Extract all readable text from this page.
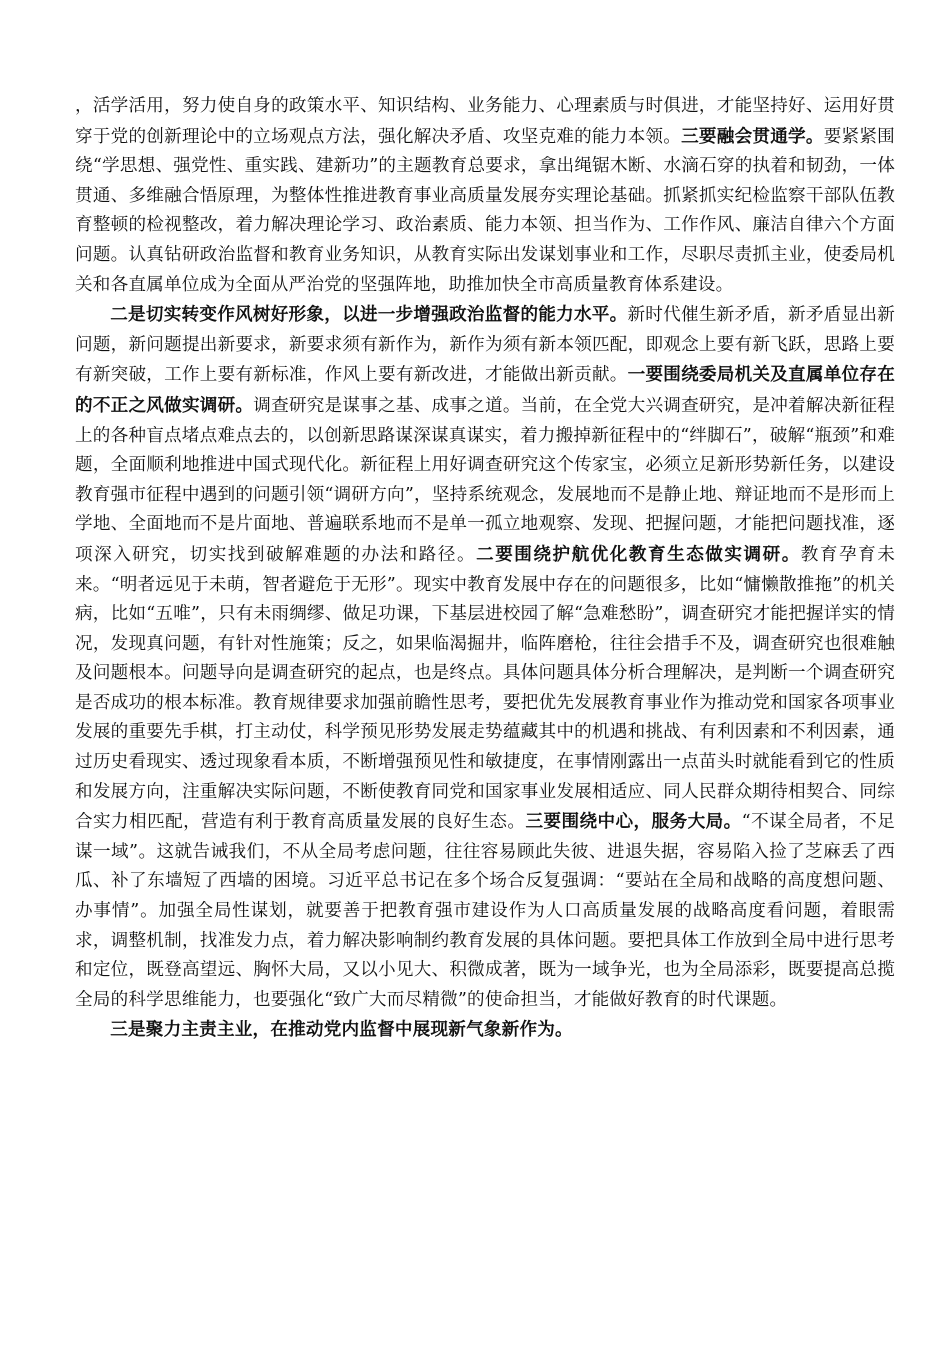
，活学活用，努力使自身的政策水平、知识结构、业务能力、心理素质与时俱进，才能坚持好、运用好贯穿于党的创新理论中的立场观点方法，强化解决矛盾、攻坚克难的能力本领。三要融会贯通学。要紧紧围绕“学思想、强党性、重实践、建新功”的主题教育总要求，拿出绳锯木断、水滴石穿的执着和韧劲，一体贯通、多维融合悟原理，为整体性推进教育事业高质量发展夯实理论基础。抓紧抓实纪检监察干部队伍教育整顿的检视整改，着力解决理论学习、政治素质、能力本领、担当作为、工作作风、廉洁自律六个方面问题。认真钻研政治监督和教育业务知识，从教育实际出发谋划事业和工作，尽职尽责抓主业，使委局机关和各直属单位成为全面从严治党的坚强阵地，助推加快全市高质量教育体系建设。

二是切实转变作风树好形象，以进一步增强政治监督的能力水平。新时代催生新矛盾，新矛盾显出新问题，新问题提出新要求，新要求须有新作为，新作为须有新本领匹配，即观念上要有新飞跃，思路上要有新突破，工作上要有新标准，作风上要有新改进，才能做出新贡献。一要围绕委局机关及直属单位存在的不正之风做实调研。调查研究是谋事之基、成事之道。当前，在全党大兴调查研究，是冲着解决新征程上的各种盲点堵点难点去的，以创新思路谋深谋真谋实，着力搬掉新征程中的“绊脚石”，破解“瓶颈”和难题，全面顺利地推进中国式现代化。新征程上用好调查研究这个传家宝，必须立足新形势新任务，以建设教育强市征程中遇到的问题引领“调研方向”，坚持系统观念，发展地而不是静止地、辩证地而不是形而上学地、全面地而不是片面地、普遍联系地而不是单一孤立地观察、发现、把握问题，才能把问题找准，逐项深入研究，切实找到破解难题的办法和路径。二要围绕护航优化教育生态做实调研。教育孕育未来。“明者远见于未萌，智者避危于无形”。现实中教育发展中存在的问题很多，比如“慵懒散推拖”的机关病，比如“五唯”，只有未雨绸缪、做足功课，下基层进校园了解“急难愁盼”，调查研究才能把握详实的情况，发现真问题，有针对性施策；反之，如果临渴掘井，临阵磨枪，往往会措手不及，调查研究也很难触及问题根本。问题导向是调查研究的起点，也是终点。具体问题具体分析合理解决，是判断一个调查研究是否成功的根本标准。教育规律要求加强前瞻性思考，要把优先发展教育事业作为推动党和国家各项事业发展的重要先手棋，打主动仗，科学预见形势发展走势蕴藏其中的机遇和挑战、有利因素和不利因素，通过历史看现实、透过现象看本质，不断增强预见性和敏捷度，在事情刚露出一点苗头时就能看到它的性质和发展方向，注重解决实际问题，不断使教育同党和国家事业发展相适应、同人民群众期待相契合、同综合实力相匹配，营造有利于教育高质量发展的良好生态。三要围绕中心，服务大局。“不谋全局者，不足谋一域”。这就告诫我们，不从全局考虑问题，往往容易顾此失彼、进退失据，容易陷入捡了芝麻丢了西瓜、补了东墙短了西墙的困境。习近平总书记在多个场合反复强调：“要站在全局和战略的高度想问题、办事情”。加强全局性谋划，就要善于把教育强市建设作为人口高质量发展的战略高度看问题，着眼需求，调整机制，找准发力点，着力解决影响制约教育发展的具体问题。要把具体工作放到全局中进行思考和定位，既登高望远、胸怀大局，又以小见大、积微成著，既为一域争光，也为全局添彩，既要提高总揽全局的科学思维能力，也要强化“致广大而尽精微”的使命担当，才能做好教育的时代课题。

三是聚力主责主业，在推动党内监督中展现新气象新作为。
